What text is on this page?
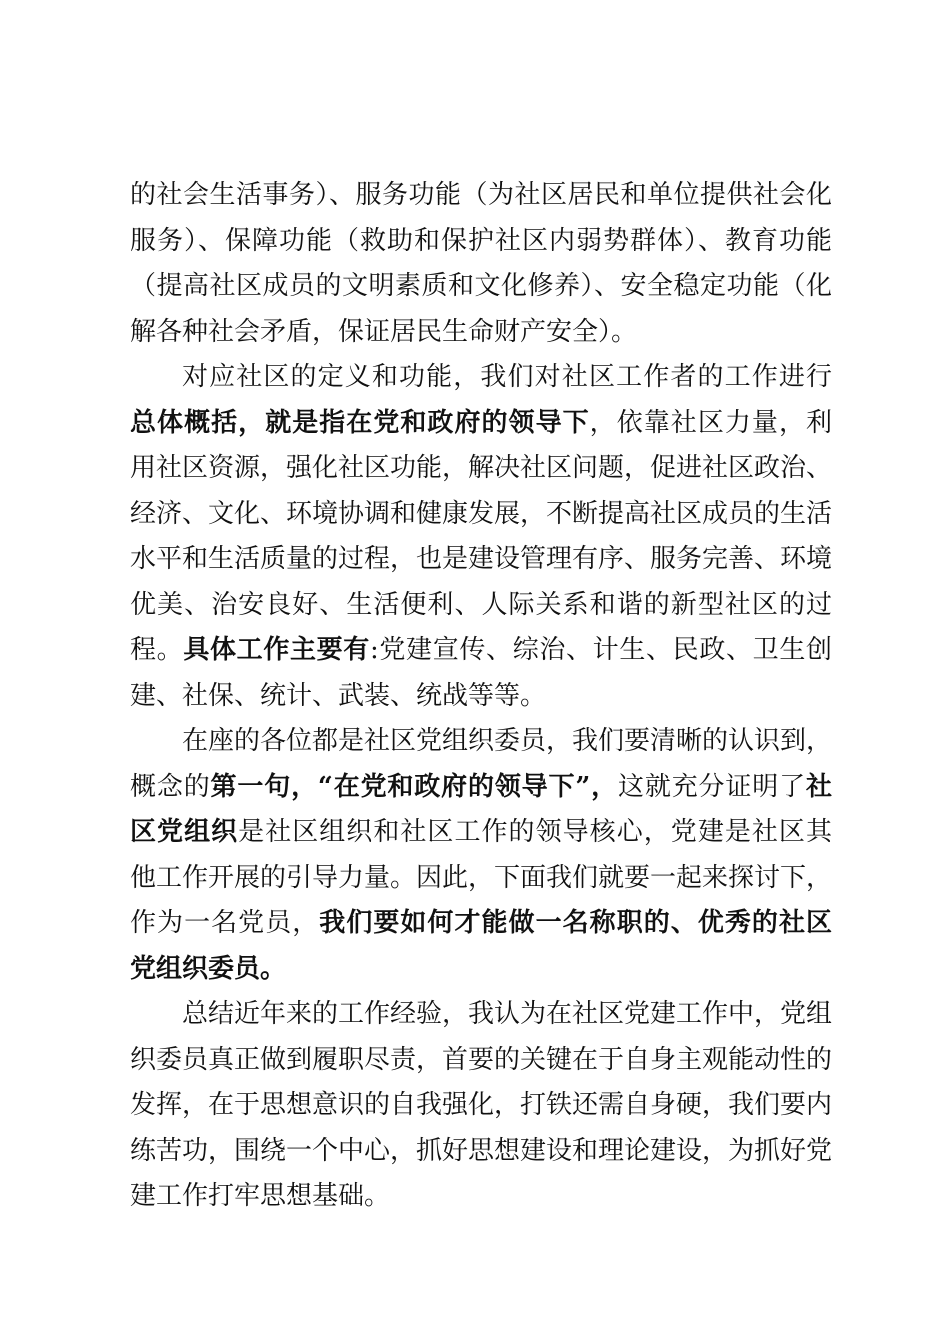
的社会生活事务）、服务功能（为社区居民和单位提供社会化服务）、保障功能（救助和保护社区内弱势群体）、教育功能（提高社区成员的文明素质和文化修养）、安全稳定功能（化解各种社会矛盾，保证居民生命财产安全）。

对应社区的定义和功能，我们对社区工作者的工作进行总体概括，就是指在党和政府的领导下，依靠社区力量，利用社区资源，强化社区功能，解决社区问题，促进社区政治、经济、文化、环境协调和健康发展，不断提高社区成员的生活水平和生活质量的过程，也是建设管理有序、服务完善、环境优美、治安良好、生活便利、人际关系和谐的新型社区的过程。具体工作主要有:党建宣传、综治、计生、民政、卫生创建、社保、统计、武装、统战等等。

在座的各位都是社区党组织委员，我们要清晰的认识到，概念的第一句，“在党和政府的领导下”，这就充分证明了社区党组织是社区组织和社区工作的领导核心，党建是社区其他工作开展的引导力量。因此，下面我们就要一起来探讨下，作为一名党员，我们要如何才能做一名称职的、优秀的社区党组织委员。

总结近年来的工作经验，我认为在社区党建工作中，党组织委员真正做到履职尽责，首要的关键在于自身主观能动性的发挥，在于思想意识的自我强化，打铁还需自身硬，我们要内练苦功，围绕一个中心，抓好思想建设和理论建设，为抓好党建工作打牢思想基础。
